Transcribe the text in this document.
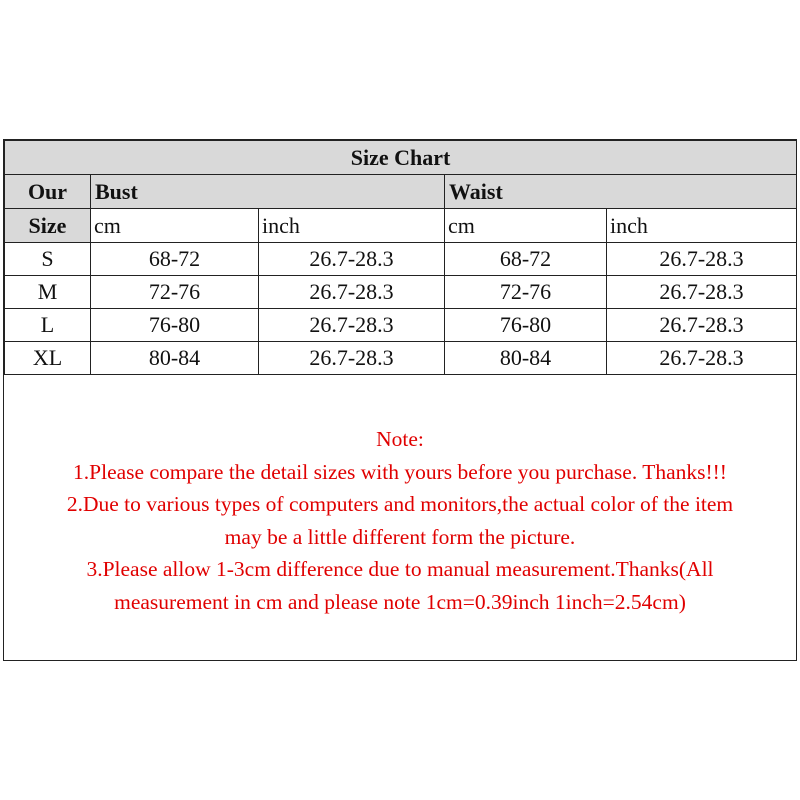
Size Chart				
Our	Bust		Waist	
Size	cm	inch	cm	inch
S	68-72	26.7-28.3	68-72	26.7-28.3
M	72-76	26.7-28.3	72-76	26.7-28.3
L	76-80	26.7-28.3	76-80	26.7-28.3
XL	80-84	26.7-28.3	80-84	26.7-28.3
Note:
1.Please compare the detail sizes with yours before you purchase. Thanks!!!
2.Due to various types of computers and monitors,the actual color of the item
may be a little different form the picture.
3.Please allow 1-3cm difference due to manual measurement.Thanks(All
measurement in cm and please note 1cm=0.39inch 1inch=2.54cm)
